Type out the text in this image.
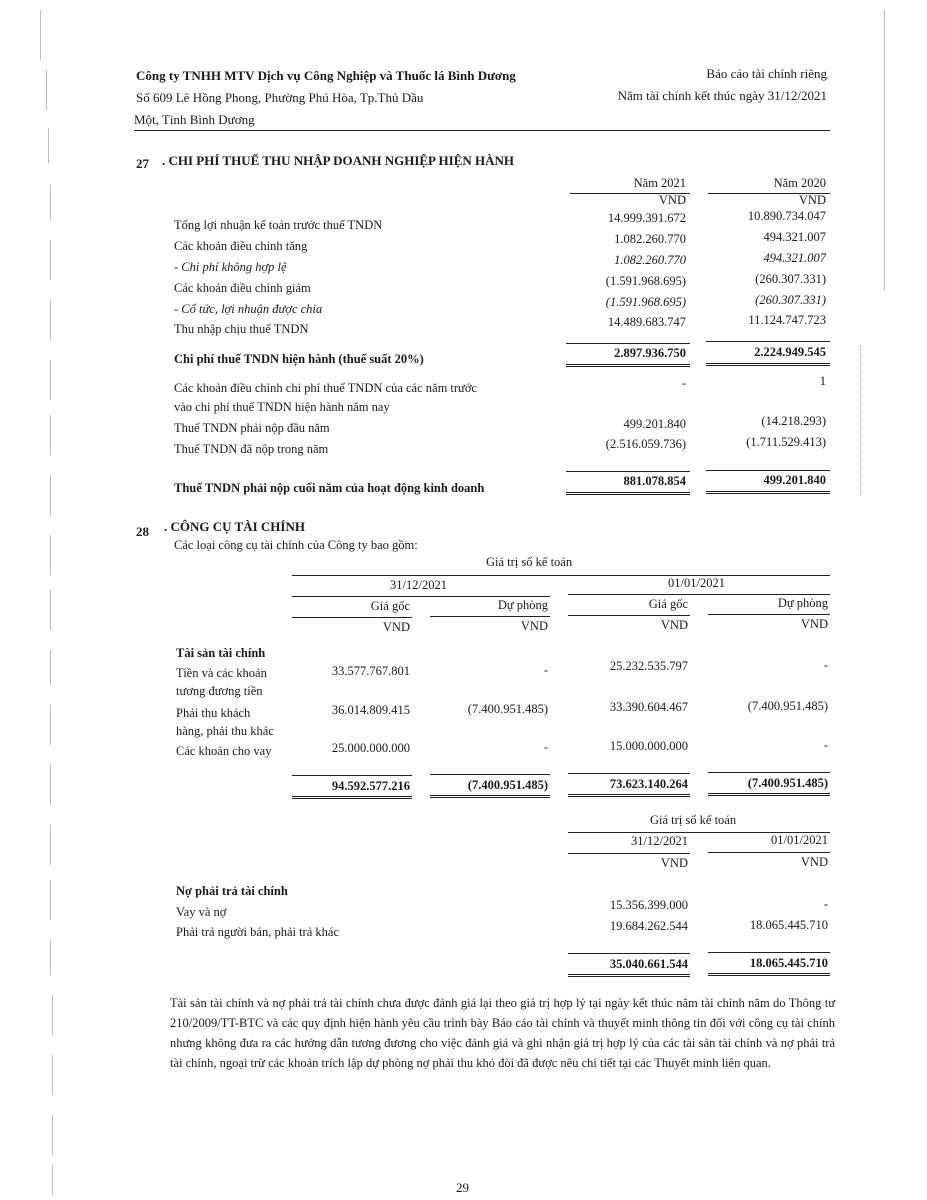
Công ty TNHH MTV Dịch vụ Công Nghiệp và Thuốc lá Bình Dương
Số 609 Lê Hồng Phong, Phường Phú Hòa, Tp.Thủ Dầu
Một, Tỉnh Bình Dương
Báo cáo tài chính riêng
Năm tài chính kết thúc ngày 31/12/2021
27 . CHI PHÍ THUẾ THU NHẬP DOANH NGHIỆP HIỆN HÀNH
Năm 2021	Năm 2020
VND	VND
Tổng lợi nhuận kế toán trước thuế TNDN	14.999.391.672	10.890.734.047
Các khoản điều chỉnh tăng	1.082.260.770	494.321.007
- Chi phí không hợp lệ	1.082.260.770	494.321.007
Các khoản điều chỉnh giảm	(1.591.968.695)	(260.307.331)
- Cổ tức, lợi nhuận được chia	(1.591.968.695)	(260.307.331)
Thu nhập chịu thuế TNDN	14.489.683.747	11.124.747.723
Chi phí thuế TNDN hiện hành (thuế suất 20%)	2.897.936.750	2.224.949.545
Các khoản điều chỉnh chi phí thuế TNDN của các năm trước
vào chi phí thuế TNDN hiện hành năm nay
-	1
Thuế TNDN phải nộp đầu năm	499.201.840	(14.218.293)
Thuế TNDN đã nộp trong năm	(2.516.059.736)	(1.711.529.413)
Thuế TNDN phải nộp cuối năm của hoạt động kinh doanh	881.078.854	499.201.840
28 . CÔNG CỤ TÀI CHÍNH
Các loại công cụ tài chính của Công ty bao gồm:
Giá trị sổ kế toán
31/12/2021	01/01/2021
Giá gốc	Dự phòng	Giá gốc	Dự phòng
VND	VND	VND	VND
Tài sản tài chính
Tiền và các khoản
tương đương tiền
33.577.767.801	-	25.232.535.797	-
Phải thu khách
hàng, phải thu khác
36.014.809.415	(7.400.951.485)	33.390.604.467	(7.400.951.485)
Các khoản cho vay	25.000.000.000	-	15.000.000.000	-
94.592.577.216	(7.400.951.485)	73.623.140.264	(7.400.951.485)
Giá trị sổ kế toán
31/12/2021	01/01/2021
VND	VND
Nợ phải trả tài chính
Vay và nợ	15.356.399.000	-
Phải trả người bán, phải trả khác	19.684.262.544	18.065.445.710
35.040.661.544	18.065.445.710
Tài sản tài chính và nợ phải trả tài chính chưa được đánh giá lại theo giá trị hợp lý tại ngày kết thúc năm tài chính năm do Thông tư 210/2009/TT-BTC và các quy định hiện hành yêu cầu trình bày Báo cáo tài chính và thuyết minh thông tin đối với công cụ tài chính nhưng không đưa ra các hướng dẫn tương đương cho việc đánh giá và ghi nhận giá trị hợp lý của các tài sản tài chính và nợ phải trả tài chính, ngoại trừ các khoản trích lập dự phòng nợ phải thu khó đòi đã được nêu chi tiết tại các Thuyết minh liên quan.
29
